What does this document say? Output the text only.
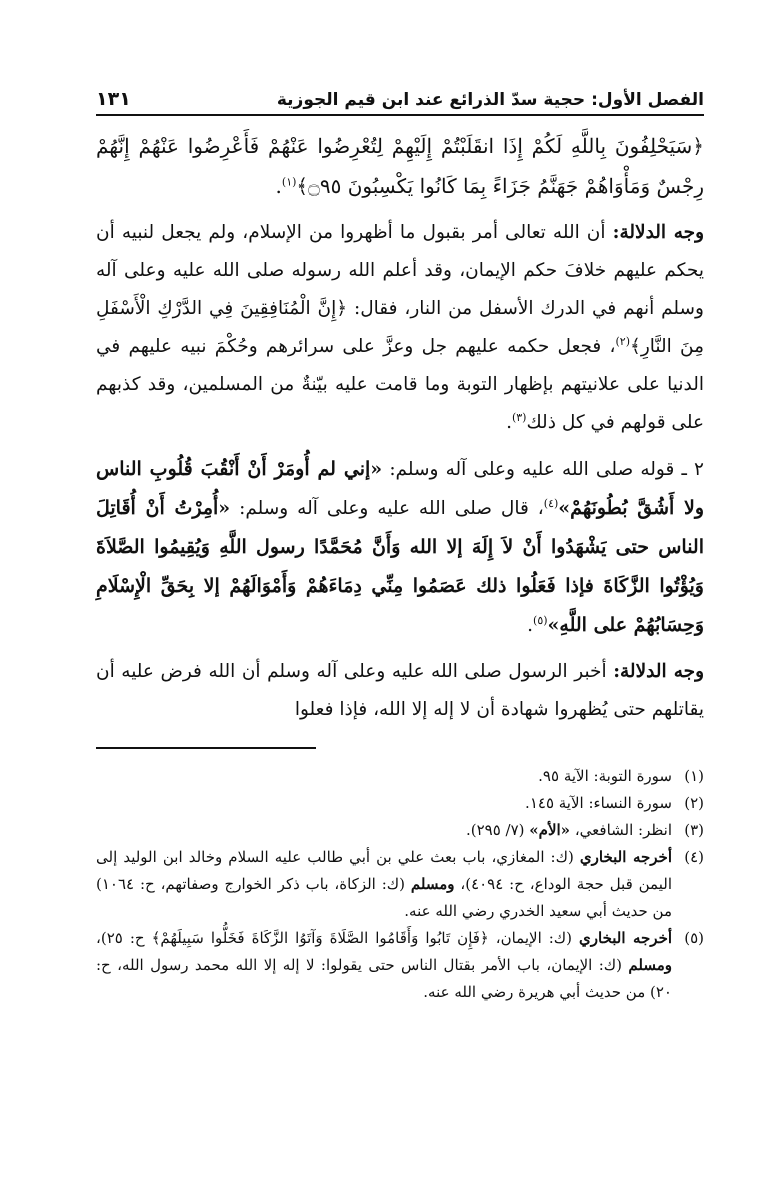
الفصل الأول: حجية سدّ الذرائع عند ابن قيم الجوزية
١٣١
﴿سَيَحْلِفُونَ بِاللَّهِ لَكُمْ إِذَا انقَلَبْتُمْ إِلَيْهِمْ لِتُعْرِضُوا عَنْهُمْ فَأَعْرِضُوا عَنْهُمْ إِنَّهُمْ رِجْسٌ وَمَأْوَاهُمْ جَهَنَّمُ جَزَاءً بِمَا كَانُوا يَكْسِبُونَ ۝٩٥﴾$^{(١)}$.
وجه الدلالة: أن الله تعالى أمر بقبول ما أظهروا من الإسلام، ولم يجعل لنبيه أن يحكم عليهم خلافَ حكم الإيمان، وقد أعلم الله رسوله صلى الله عليه وعلى آله وسلم أنهم في الدرك الأسفل من النار، فقال: ﴿إِنَّ الْمُنَافِقِينَ فِي الدَّرْكِ الْأَسْفَلِ مِنَ النَّارِ﴾$^{(٢)}$، فجعل حكمه عليهم جل وعزَّ على سرائرهم وحُكْمَ نبيه عليهم في الدنيا على علانيتهم بإظهار التوبة وما قامت عليه بيّنةٌ من المسلمين، وقد كذبهم على قولهم في كل ذلك$^{(٣)}$.
٢ ـ قوله صلى الله عليه وعلى آله وسلم: «إني لم أُومَرْ أَنْ أَنْقُبَ قُلُوبِ الناس ولا أَشُقَّ بُطُونَهُمْ»$^{(٤)}$، قال صلى الله عليه وعلى آله وسلم: «أُمِرْتُ أَنْ أُقَاتِلَ الناس حتى يَشْهَدُوا أَنْ لاَ إِلَهَ إلا الله وَأَنَّ مُحَمَّدًا رسول اللَّهِ وَيُقِيمُوا الصَّلاَةَ وَيُؤْتُوا الزَّكَاةَ فإذا فَعَلُوا ذلك عَصَمُوا مِنِّي دِمَاءَهُمْ وَأَمْوَالَهُمْ إلا بِحَقِّ الْإِسْلَامِ وَحِسَابُهُمْ على اللَّهِ»$^{(٥)}$.
وجه الدلالة: أخبر الرسول صلى الله عليه وعلى آله وسلم أن الله فرض عليه أن يقاتلهم حتى يُظهروا شهادة أن لا إله إلا الله، فإذا فعلوا
(١)
سورة التوبة: الآية ٩٥.
(٢)
سورة النساء: الآية ١٤٥.
(٣)
انظر: الشافعي، «الأم» (٧/ ٢٩٥).
(٤)
أخرجه البخاري (ك: المغازي، باب بعث علي بن أبي طالب عليه السلام وخالد ابن الوليد إلى اليمن قبل حجة الوداع، ح: ٤٠٩٤)، ومسلم (ك: الزكاة، باب ذكر الخوارج وصفاتهم، ح: ١٠٦٤) من حديث أبي سعيد الخدري رضي الله عنه.
(٥)
أخرجه البخاري (ك: الإيمان، ﴿فَإِن تَابُوا وَأَقَامُوا الصَّلَاةَ وَآتَوُا الزَّكَاةَ فَخَلُّوا سَبِيلَهُمْ﴾ ح: ٢٥)، ومسلم (ك: الإيمان، باب الأمر بقتال الناس حتى يقولوا: لا إله إلا الله محمد رسول الله، ح: ٢٠) من حديث أبي هريرة رضي الله عنه.
